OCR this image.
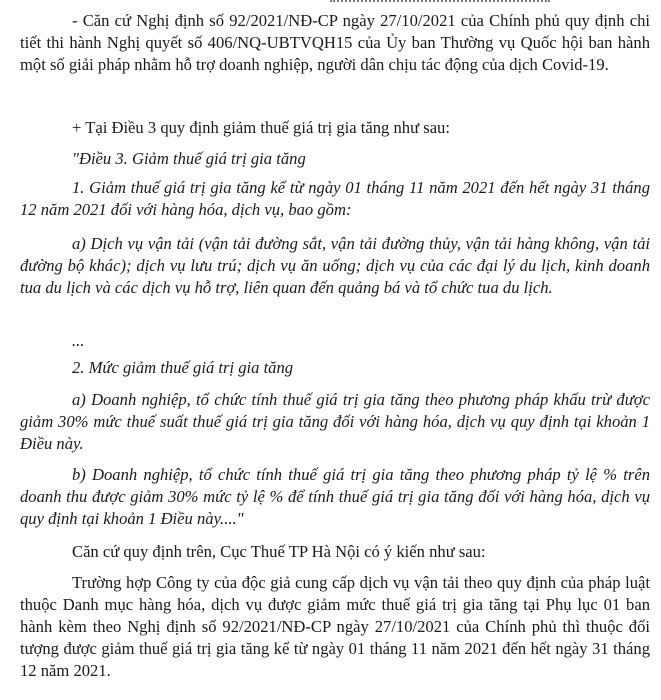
- Căn cứ Nghị định số 92/2021/NĐ-CP ngày 27/10/2021 của Chính phủ quy định chi tiết thi hành Nghị quyết số 406/NQ-UBTVQH15 của Ủy ban Thường vụ Quốc hội ban hành một số giải pháp nhằm hỗ trợ doanh nghiệp, người dân chịu tác động của dịch Covid-19.

+ Tại Điều 3 quy định giảm thuế giá trị gia tăng như sau:

"Điều 3. Giảm thuế giá trị gia tăng

1. Giảm thuế giá trị gia tăng kể từ ngày 01 tháng 11 năm 2021 đến hết ngày 31 tháng 12 năm 2021 đối với hàng hóa, dịch vụ, bao gồm:

a) Dịch vụ vận tải (vận tải đường sắt, vận tải đường thủy, vận tải hàng không, vận tải đường bộ khác); dịch vụ lưu trú; dịch vụ ăn uống; dịch vụ của các đại lý du lịch, kinh doanh tua du lịch và các dịch vụ hỗ trợ, liên quan đến quảng bá và tổ chức tua du lịch.

...

2. Mức giảm thuế giá trị gia tăng

a) Doanh nghiệp, tổ chức tính thuế giá trị gia tăng theo phương pháp khấu trừ được giảm 30% mức thuế suất thuế giá trị gia tăng đối với hàng hóa, dịch vụ quy định tại khoản 1 Điều này.

b) Doanh nghiệp, tổ chức tính thuế giá trị gia tăng theo phương pháp tỷ lệ % trên doanh thu được giảm 30% mức tỷ lệ % để tính thuế giá trị gia tăng đối với hàng hóa, dịch vụ quy định tại khoản 1 Điều này...."

Căn cứ quy định trên, Cục Thuế TP Hà Nội có ý kiến như sau:

Trường hợp Công ty của độc giả cung cấp dịch vụ vận tải theo quy định của pháp luật thuộc Danh mục hàng hóa, dịch vụ được giảm mức thuế giá trị gia tăng tại Phụ lục 01 ban hành kèm theo Nghị định số 92/2021/NĐ-CP ngày 27/10/2021 của Chính phủ thì thuộc đối tượng được giảm thuế giá trị gia tăng kể từ ngày 01 tháng 11 năm 2021 đến hết ngày 31 tháng 12 năm 2021.
